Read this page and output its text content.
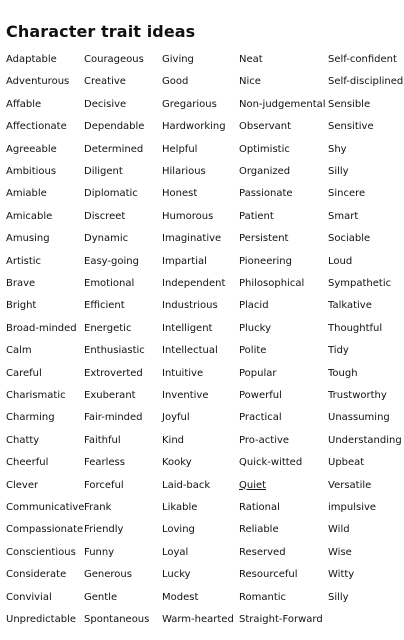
Character trait ideas
Adaptable
Adventurous
Affable
Affectionate
Agreeable
Ambitious
Amiable
Amicable
Amusing
Artistic
Brave
Bright
Broad-minded
Calm
Careful
Charismatic
Charming
Chatty
Cheerful
Clever
Communicative
Compassionate
Conscientious
Considerate
Convivial
Unpredictable
Courageous
Creative
Decisive
Dependable
Determined
Diligent
Diplomatic
Discreet
Dynamic
Easy-going
Emotional
Efficient
Energetic
Enthusiastic
Extroverted
Exuberant
Fair-minded
Faithful
Fearless
Forceful
Frank
Friendly
Funny
Generous
Gentle
Spontaneous
Giving
Good
Gregarious
Hardworking
Helpful
Hilarious
Honest
Humorous
Imaginative
Impartial
Independent
Industrious
Intelligent
Intellectual
Intuitive
Inventive
Joyful
Kind
Kooky
Laid-back
Likable
Loving
Loyal
Lucky
Modest
Warm-hearted
Neat
Nice
Non-judgemental
Observant
Optimistic
Organized
Passionate
Patient
Persistent
Pioneering
Philosophical
Placid
Plucky
Polite
Popular
Powerful
Practical
Pro-active
Quick-witted
Quiet
Rational
Reliable
Reserved
Resourceful
Romantic
Straight-Forward
Self-confident
Self-disciplined
Sensible
Sensitive
Shy
Silly
Sincere
Smart
Sociable
Loud
Sympathetic
Talkative
Thoughtful
Tidy
Tough
Trustworthy
Unassuming
Understanding
Upbeat
Versatile
impulsive
Wild
Wise
Witty
Silly
